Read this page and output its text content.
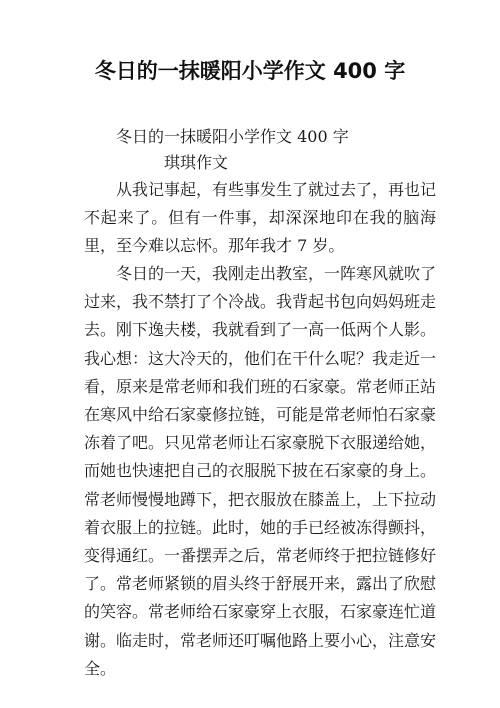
冬日的一抹暖阳小学作文 400 字

冬日的一抹暖阳小学作文 400 字

琪琪作文

从我记事起，有些事发生了就过去了，再也记不起来了。但有一件事，却深深地印在我的脑海里，至今难以忘怀。那年我才 7 岁。

冬日的一天，我刚走出教室，一阵寒风就吹了过来，我不禁打了个冷战。我背起书包向妈妈班走去。刚下逸夫楼，我就看到了一高一低两个人影。我心想：这大冷天的，他们在干什么呢？我走近一看，原来是常老师和我们班的石家豪。常老师正站在寒风中给石家豪修拉链，可能是常老师怕石家豪冻着了吧。只见常老师让石家豪脱下衣服递给她，而她也快速把自己的衣服脱下披在石家豪的身上。常老师慢慢地蹲下，把衣服放在膝盖上，上下拉动着衣服上的拉链。此时，她的手已经被冻得颤抖，变得通红。一番摆弄之后，常老师终于把拉链修好了。常老师紧锁的眉头终于舒展开来，露出了欣慰的笑容。常老师给石家豪穿上衣服，石家豪连忙道谢。临走时，常老师还叮嘱他路上要小心，注意安全。
